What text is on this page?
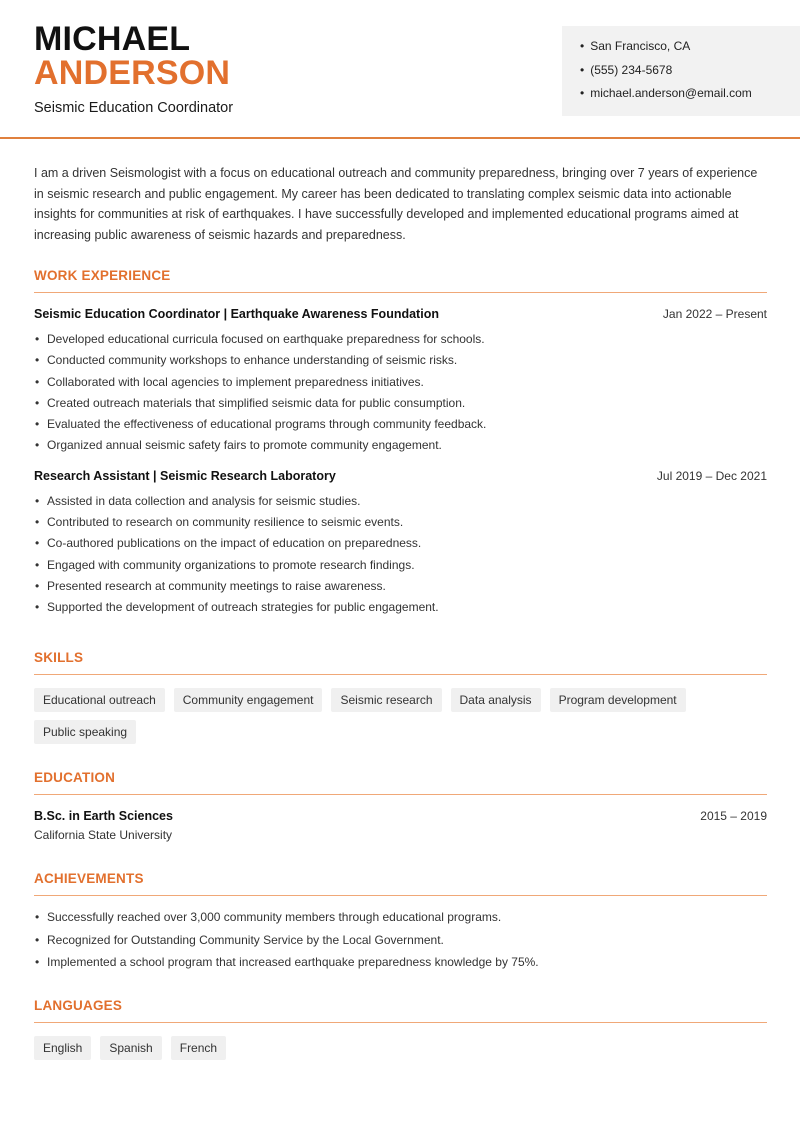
MICHAEL
ANDERSON
Seismic Education Coordinator
• San Francisco, CA
• (555) 234-5678
• michael.anderson@email.com
I am a driven Seismologist with a focus on educational outreach and community preparedness, bringing over 7 years of experience in seismic research and public engagement. My career has been dedicated to translating complex seismic data into actionable insights for communities at risk of earthquakes. I have successfully developed and implemented educational programs aimed at increasing public awareness of seismic hazards and preparedness.
WORK EXPERIENCE
Seismic Education Coordinator | Earthquake Awareness Foundation	Jan 2022 – Present
• Developed educational curricula focused on earthquake preparedness for schools.
• Conducted community workshops to enhance understanding of seismic risks.
• Collaborated with local agencies to implement preparedness initiatives.
• Created outreach materials that simplified seismic data for public consumption.
• Evaluated the effectiveness of educational programs through community feedback.
• Organized annual seismic safety fairs to promote community engagement.
Research Assistant | Seismic Research Laboratory	Jul 2019 – Dec 2021
• Assisted in data collection and analysis for seismic studies.
• Contributed to research on community resilience to seismic events.
• Co-authored publications on the impact of education on preparedness.
• Engaged with community organizations to promote research findings.
• Presented research at community meetings to raise awareness.
• Supported the development of outreach strategies for public engagement.
SKILLS
Educational outreach	Community engagement	Seismic research	Data analysis	Program development
Public speaking
EDUCATION
B.Sc. in Earth Sciences	2015 – 2019
California State University
ACHIEVEMENTS
• Successfully reached over 3,000 community members through educational programs.
• Recognized for Outstanding Community Service by the Local Government.
• Implemented a school program that increased earthquake preparedness knowledge by 75%.
LANGUAGES
English	Spanish	French
